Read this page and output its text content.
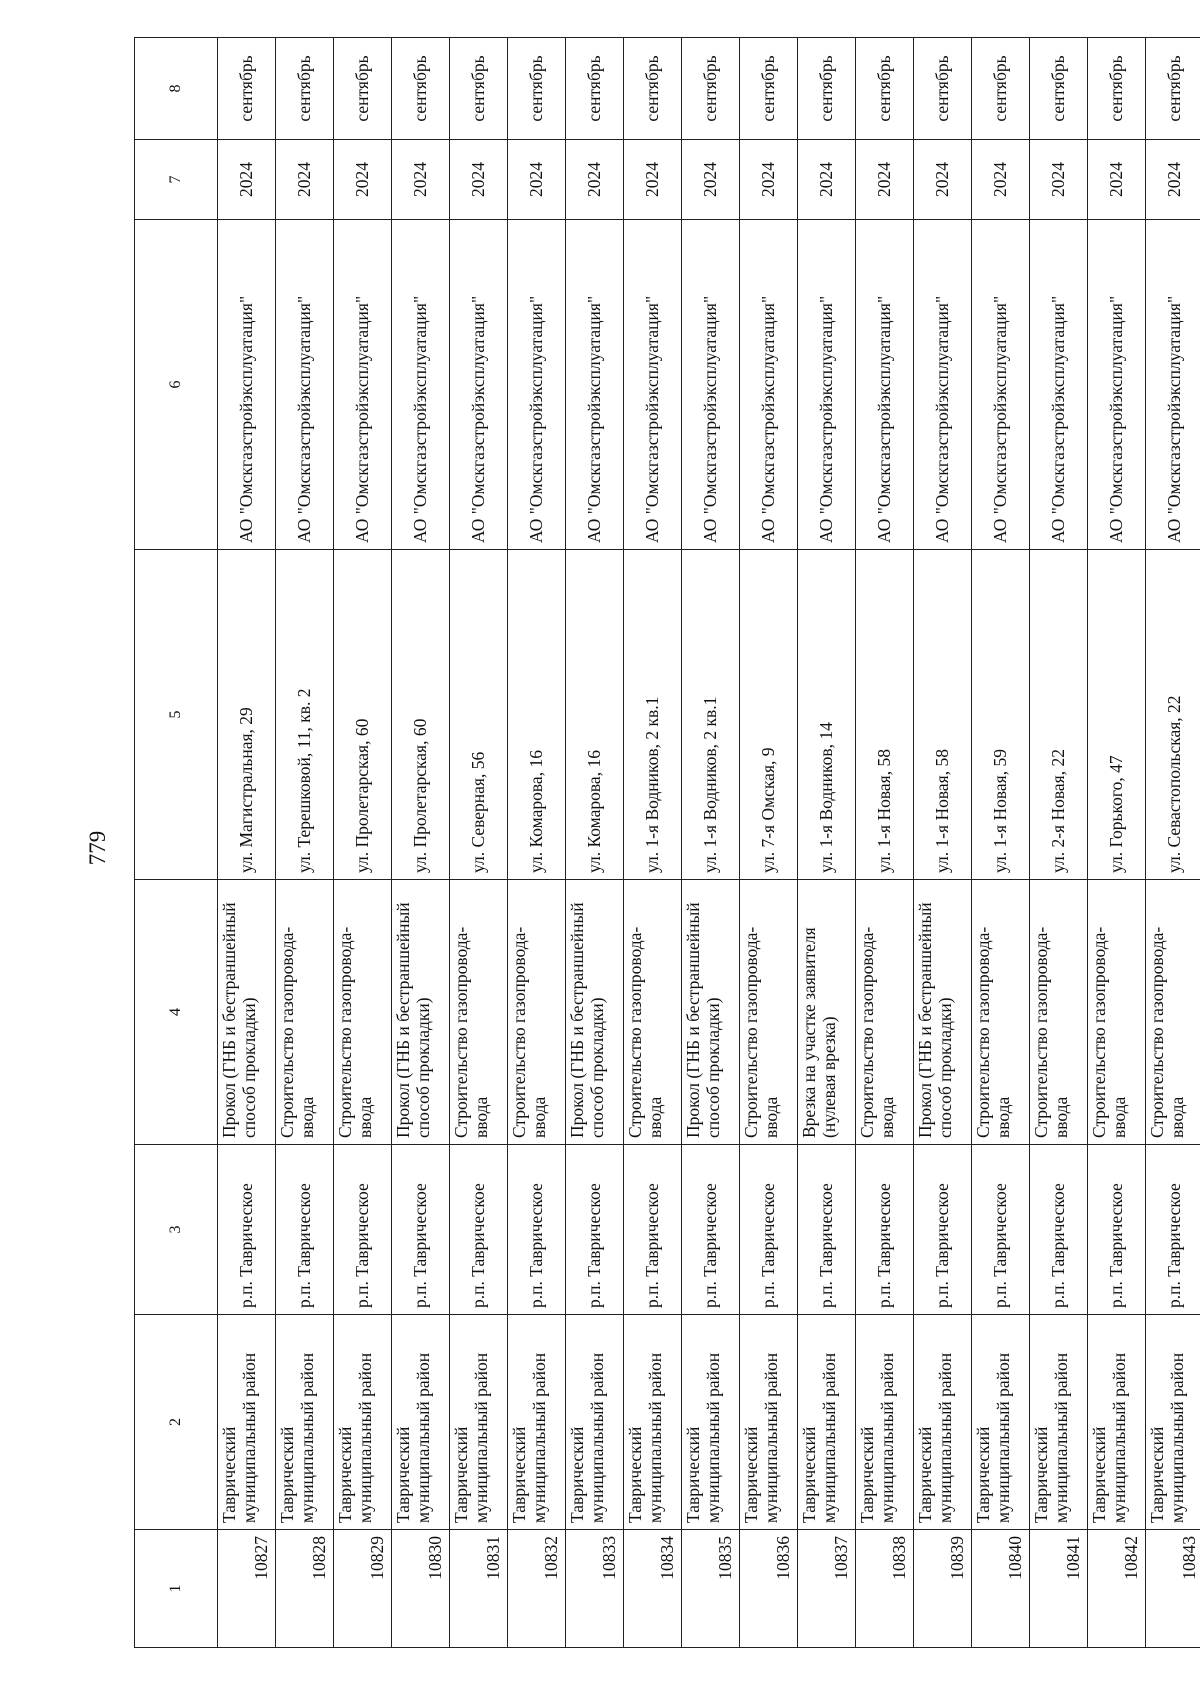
779
1	2	3	4	5	6	7	8
10827	Таврический муниципальный район	р.п. Таврическое	Прокол (ГНБ и бестраншейный способ прокладки)	ул. Магистральная, 29	АО "Омскгазстройэксплуатация"	2024	сентябрь
10828	Таврический муниципальный район	р.п. Таврическое	Строительство газопровода-ввода	ул. Терешковой, 11, кв. 2	АО "Омскгазстройэксплуатация"	2024	сентябрь
10829	Таврический муниципальный район	р.п. Таврическое	Строительство газопровода-ввода	ул. Пролетарская, 60	АО "Омскгазстройэксплуатация"	2024	сентябрь
10830	Таврический муниципальный район	р.п. Таврическое	Прокол (ГНБ и бестраншейный способ прокладки)	ул. Пролетарская, 60	АО "Омскгазстройэксплуатация"	2024	сентябрь
10831	Таврический муниципальный район	р.п. Таврическое	Строительство газопровода-ввода	ул. Северная, 56	АО "Омскгазстройэксплуатация"	2024	сентябрь
10832	Таврический муниципальный район	р.п. Таврическое	Строительство газопровода-ввода	ул. Комарова, 16	АО "Омскгазстройэксплуатация"	2024	сентябрь
10833	Таврический муниципальный район	р.п. Таврическое	Прокол (ГНБ и бестраншейный способ прокладки)	ул. Комарова, 16	АО "Омскгазстройэксплуатация"	2024	сентябрь
10834	Таврический муниципальный район	р.п. Таврическое	Строительство газопровода-ввода	ул. 1-я Водников, 2 кв.1	АО "Омскгазстройэксплуатация"	2024	сентябрь
10835	Таврический муниципальный район	р.п. Таврическое	Прокол (ГНБ и бестраншейный способ прокладки)	ул. 1-я Водников, 2 кв.1	АО "Омскгазстройэксплуатация"	2024	сентябрь
10836	Таврический муниципальный район	р.п. Таврическое	Строительство газопровода-ввода	ул. 7-я Омская, 9	АО "Омскгазстройэксплуатация"	2024	сентябрь
10837	Таврический муниципальный район	р.п. Таврическое	Врезка на участке заявителя (нулевая врезка)	ул. 1-я Водников, 14	АО "Омскгазстройэксплуатация"	2024	сентябрь
10838	Таврический муниципальный район	р.п. Таврическое	Строительство газопровода-ввода	ул. 1-я Новая, 58	АО "Омскгазстройэксплуатация"	2024	сентябрь
10839	Таврический муниципальный район	р.п. Таврическое	Прокол (ГНБ и бестраншейный способ прокладки)	ул. 1-я Новая, 58	АО "Омскгазстройэксплуатация"	2024	сентябрь
10840	Таврический муниципальный район	р.п. Таврическое	Строительство газопровода-ввода	ул. 1-я Новая, 59	АО "Омскгазстройэксплуатация"	2024	сентябрь
10841	Таврический муниципальный район	р.п. Таврическое	Строительство газопровода-ввода	ул. 2-я Новая, 22	АО "Омскгазстройэксплуатация"	2024	сентябрь
10842	Таврический муниципальный район	р.п. Таврическое	Строительство газопровода-ввода	ул. Горького, 47	АО "Омскгазстройэксплуатация"	2024	сентябрь
10843	Таврический муниципальный район	р.п. Таврическое	Строительство газопровода-ввода	ул. Севастопольская, 22	АО "Омскгазстройэксплуатация"	2024	сентябрь
